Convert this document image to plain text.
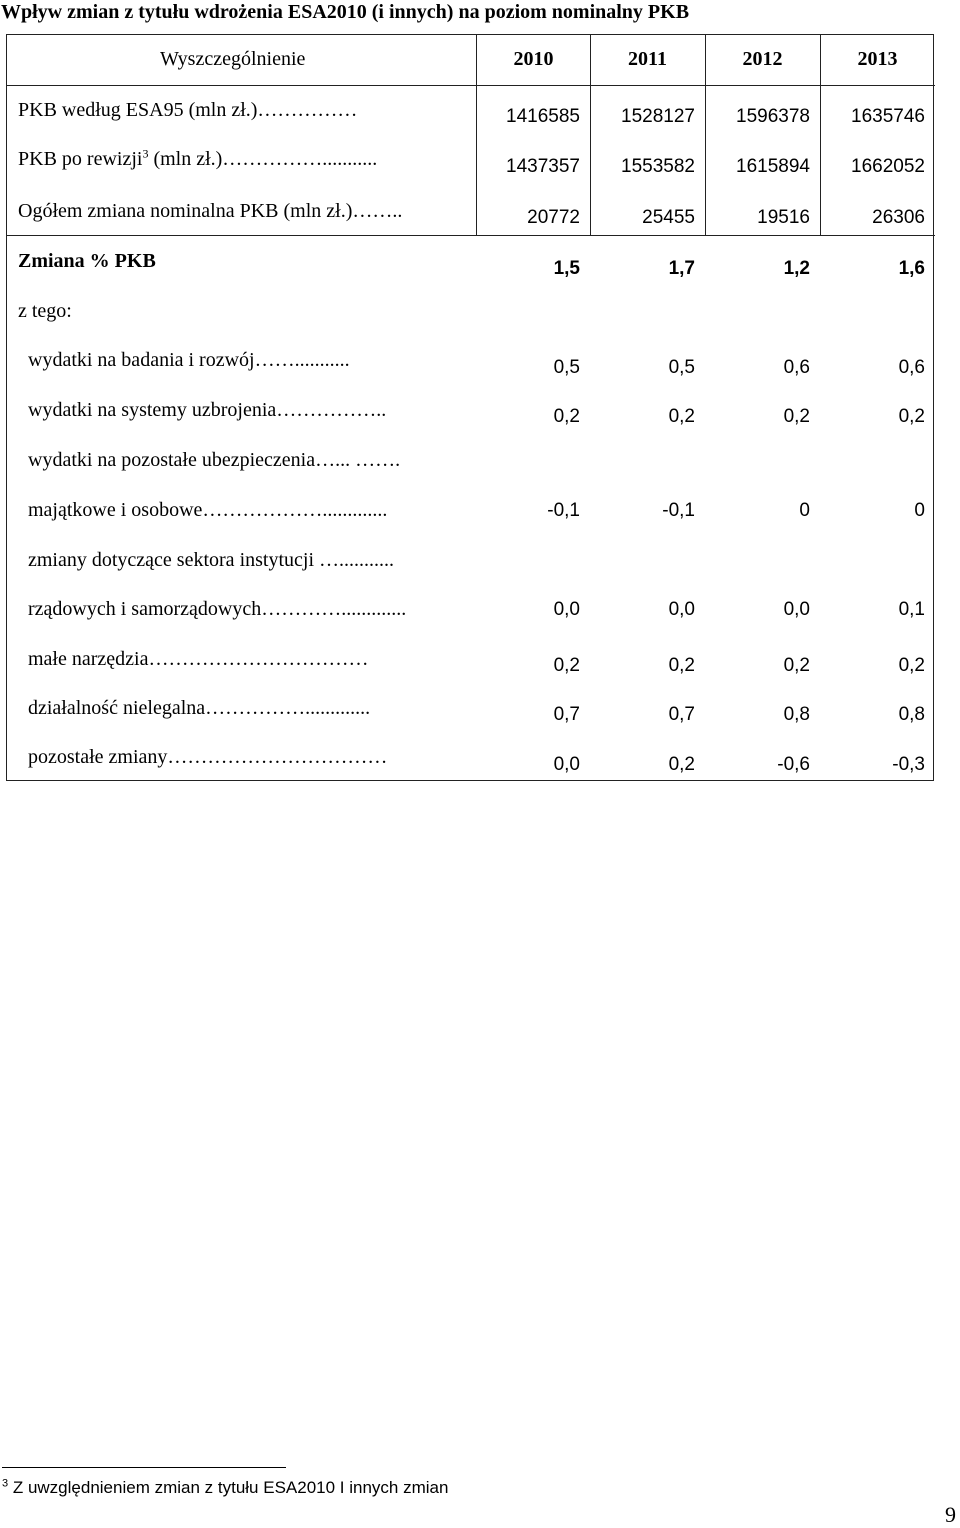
Wpływ zmian z tytułu wdrożenia ESA2010 (i innych) na poziom nominalny PKB
Wyszczególnienie	2010	2011	2012	2013
PKB według ESA95 (mln zł.)……………	1416585	1528127	1596378	1635746
PKB po rewizji$^3$ (mln zł.)……………...........	1437357	1553582	1615894	1662052
Ogółem zmiana nominalna PKB (mln zł.)……..	20772	25455	19516	26306
Zmiana % PKB	1,5	1,7	1,2	1,6
z tego:
wydatki na badania i rozwój……...........	0,5	0,5	0,6	0,6
wydatki na systemy uzbrojenia……………..	0,2	0,2	0,2	0,2
wydatki na pozostałe ubezpieczenia…... …….
majątkowe i osobowe……………….............	-0,1	-0,1	0	0
zmiany dotyczące sektora instytucji …...........
rządowych i samorządowych………….............	0,0	0,0	0,0	0,1
małe narzędzia……………………………	0,2	0,2	0,2	0,2
działalność nielegalna…………….............	0,7	0,7	0,8	0,8
pozostałe zmiany……………………………	0,0	0,2	-0,6	-0,3
$^3$ Z uwzględnieniem zmian z tytułu ESA2010 I innych zmian
9
